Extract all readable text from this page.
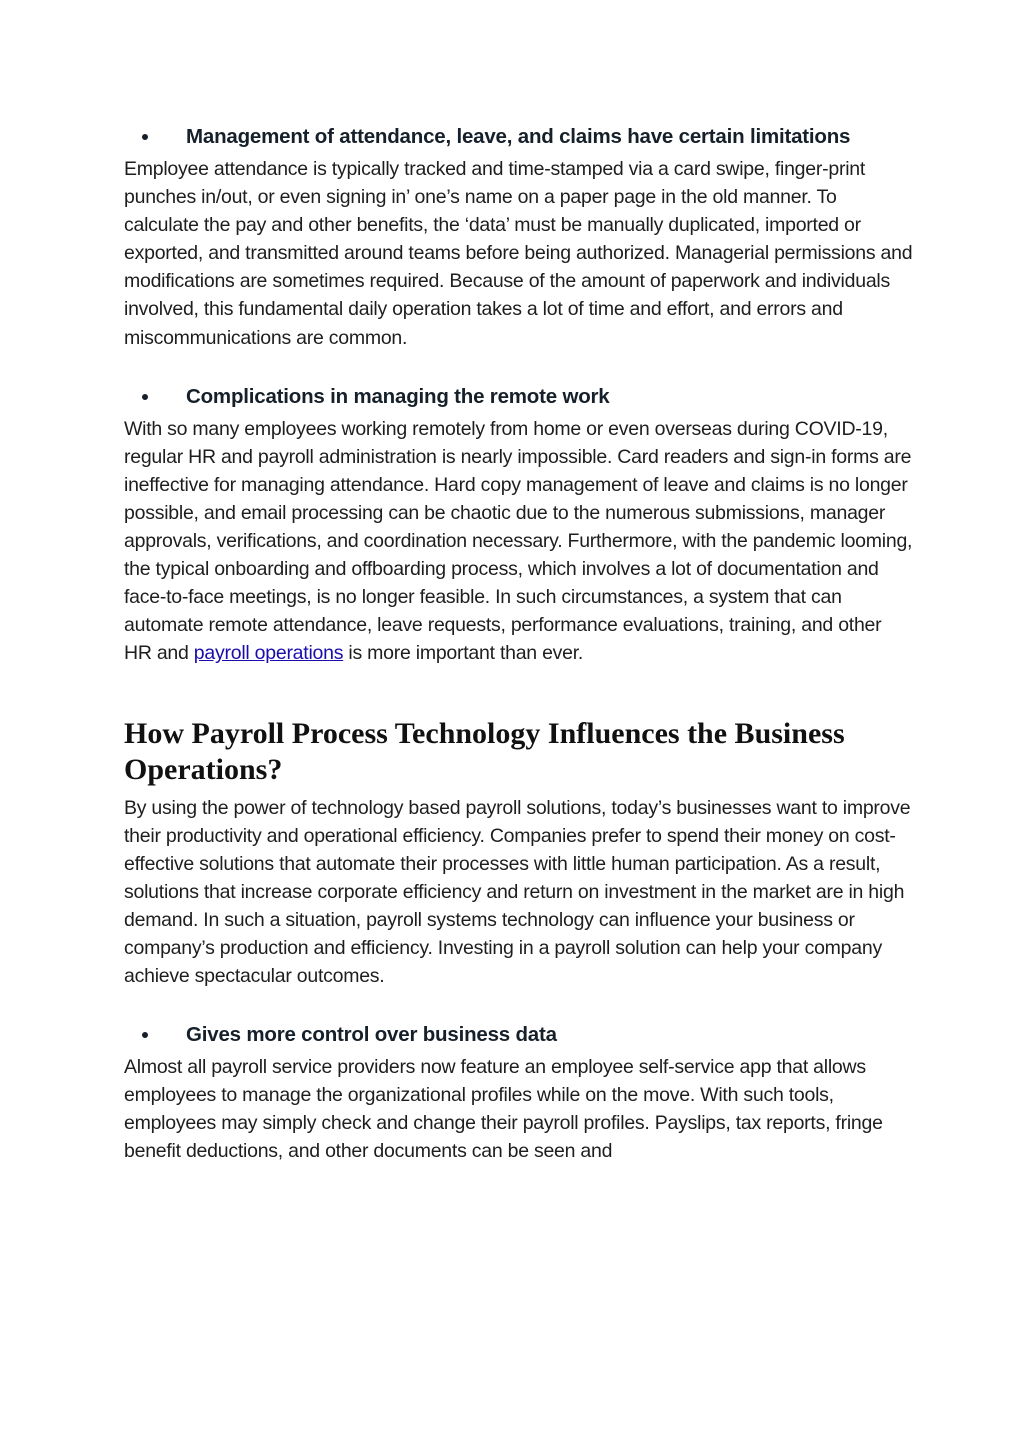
Management of attendance, leave, and claims have certain limitations

Employee attendance is typically tracked and time-stamped via a card swipe, finger-print punches in/out, or even signing in’ one’s name on a paper page in the old manner. To calculate the pay and other benefits, the ‘data’ must be manually duplicated, imported or exported, and transmitted around teams before being authorized. Managerial permissions and modifications are sometimes required. Because of the amount of paperwork and individuals involved, this fundamental daily operation takes a lot of time and effort, and errors and miscommunications are common.

Complications in managing the remote work

With so many employees working remotely from home or even overseas during COVID-19, regular HR and payroll administration is nearly impossible. Card readers and sign-in forms are ineffective for managing attendance. Hard copy management of leave and claims is no longer possible, and email processing can be chaotic due to the numerous submissions, manager approvals, verifications, and coordination necessary. Furthermore, with the pandemic looming, the typical onboarding and offboarding process, which involves a lot of documentation and face-to-face meetings, is no longer feasible. In such circumstances, a system that can automate remote attendance, leave requests, performance evaluations, training, and other HR and payroll operations is more important than ever.

How Payroll Process Technology Influences the Business Operations?

By using the power of technology based payroll solutions, today’s businesses want to improve their productivity and operational efficiency. Companies prefer to spend their money on cost-effective solutions that automate their processes with little human participation. As a result, solutions that increase corporate efficiency and return on investment in the market are in high demand. In such a situation, payroll systems technology can influence your business or company’s production and efficiency. Investing in a payroll solution can help your company achieve spectacular outcomes.

Gives more control over business data

Almost all payroll service providers now feature an employee self-service app that allows employees to manage the organizational profiles while on the move. With such tools, employees may simply check and change their payroll profiles. Payslips, tax reports, fringe benefit deductions, and other documents can be seen and
